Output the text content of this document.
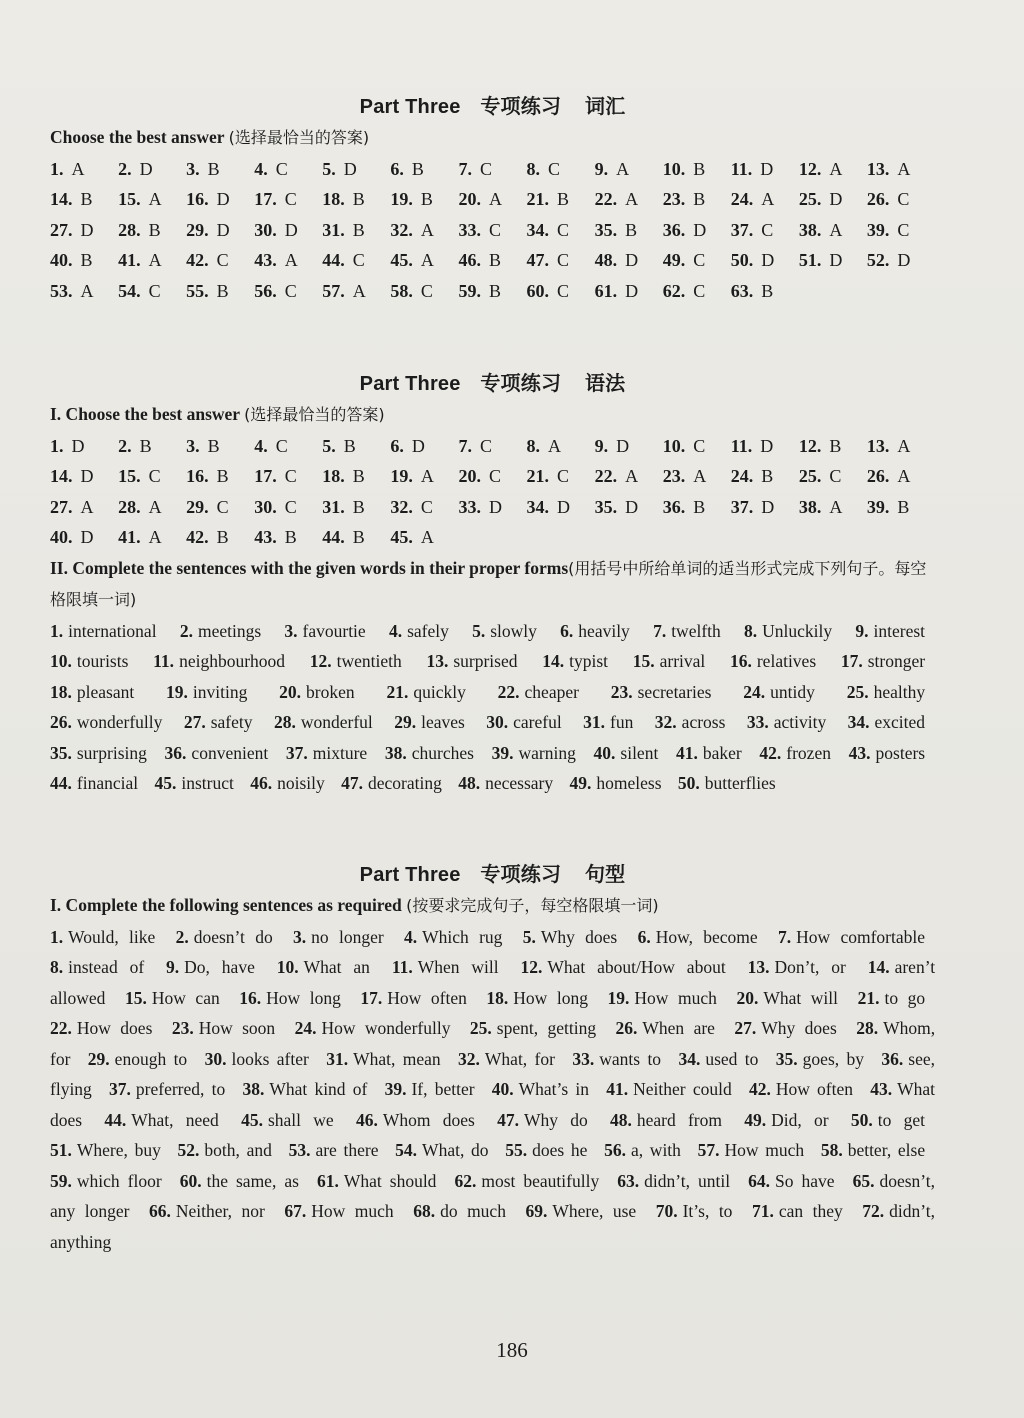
Part Three 专项练习 词汇
Choose the best answer (选择最恰当的答案)
1. A	2. D	3. B	4. C	5. D	6. B	7. C	8. C	9. A	10. B	11. D	12. A	13. A
14. B	15. A	16. D	17. C	18. B	19. B	20. A	21. B	22. A	23. B	24. A	25. D	26. C
27. D	28. B	29. D	30. D	31. B	32. A	33. C	34. C	35. B	36. D	37. C	38. A	39. C
40. B	41. A	42. C	43. A	44. C	45. A	46. B	47. C	48. D	49. C	50. D	51. D	52. D
53. A	54. C	55. B	56. C	57. A	58. C	59. B	60. C	61. D	62. C	63. B
Part Three 专项练习 语法
I. Choose the best answer (选择最恰当的答案)
1. D	2. B	3. B	4. C	5. B	6. D	7. C	8. A	9. D	10. C	11. D	12. B	13. A
14. D	15. C	16. B	17. C	18. B	19. A	20. C	21. C	22. A	23. A	24. B	25. C	26. A
27. A	28. A	29. C	30. C	31. B	32. C	33. D	34. D	35. D	36. B	37. D	38. A	39. B
40. D	41. A	42. B	43. B	44. B	45. A
II. Complete the sentences with the given words in their proper forms(用括号中所给单词的适当形式完成下列句子。每空格限填一词)
1. international 2. meetings 3. favourtie 4. safely 5. slowly 6. heavily 7. twelfth 8. Unluckily 9. interest 10. tourists 11. neighbourhood 12. twentieth 13. surprised 14. typist 15. arrival 16. relatives 17. stronger 18. pleasant 19. inviting 20. broken 21. quickly 22. cheaper 23. secretaries 24. untidy 25. healthy 26. wonderfully 27. safety 28. wonderful 29. leaves 30. careful 31. fun 32. across 33. activity 34. excited 35. surprising 36. convenient 37. mixture 38. churches 39. warning 40. silent 41. baker 42. frozen 43. posters 44. financial 45. instruct 46. noisily 47. decorating 48. necessary 49. homeless 50. butterflies
Part Three 专项练习 句型
I. Complete the following sentences as required (按要求完成句子，每空格限填一词)
1. Would, like 2. doesn’t do 3. no longer 4. Which rug 5. Why does 6. How, become 7. How comfortable 8. instead of 9. Do, have 10. What an 11. When will 12. What about/How about 13. Don’t, or 14. aren’t allowed 15. How can 16. How long 17. How often 18. How long 19. How much 20. What will 21. to go 22. How does 23. How soon 24. How wonderfully 25. spent, getting 26. When are 27. Why does 28. Whom, for 29. enough to 30. looks after 31. What, mean 32. What, for 33. wants to 34. used to 35. goes, by 36. see, flying 37. preferred, to 38. What kind of 39. If, better 40. What’s in 41. Neither could 42. How often 43. What does 44. What, need 45. shall we 46. Whom does 47. Why do 48. heard from 49. Did, or 50. to get 51. Where, buy 52. both, and 53. are there 54. What, do 55. does he 56. a, with 57. How much 58. better, else 59. which floor 60. the same, as 61. What should 62. most beautifully 63. didn’t, until 64. So have 65. doesn’t, any longer 66. Neither, nor 67. How much 68. do much 69. Where, use 70. It’s, to 71. can they 72. didn’t, anything
186
